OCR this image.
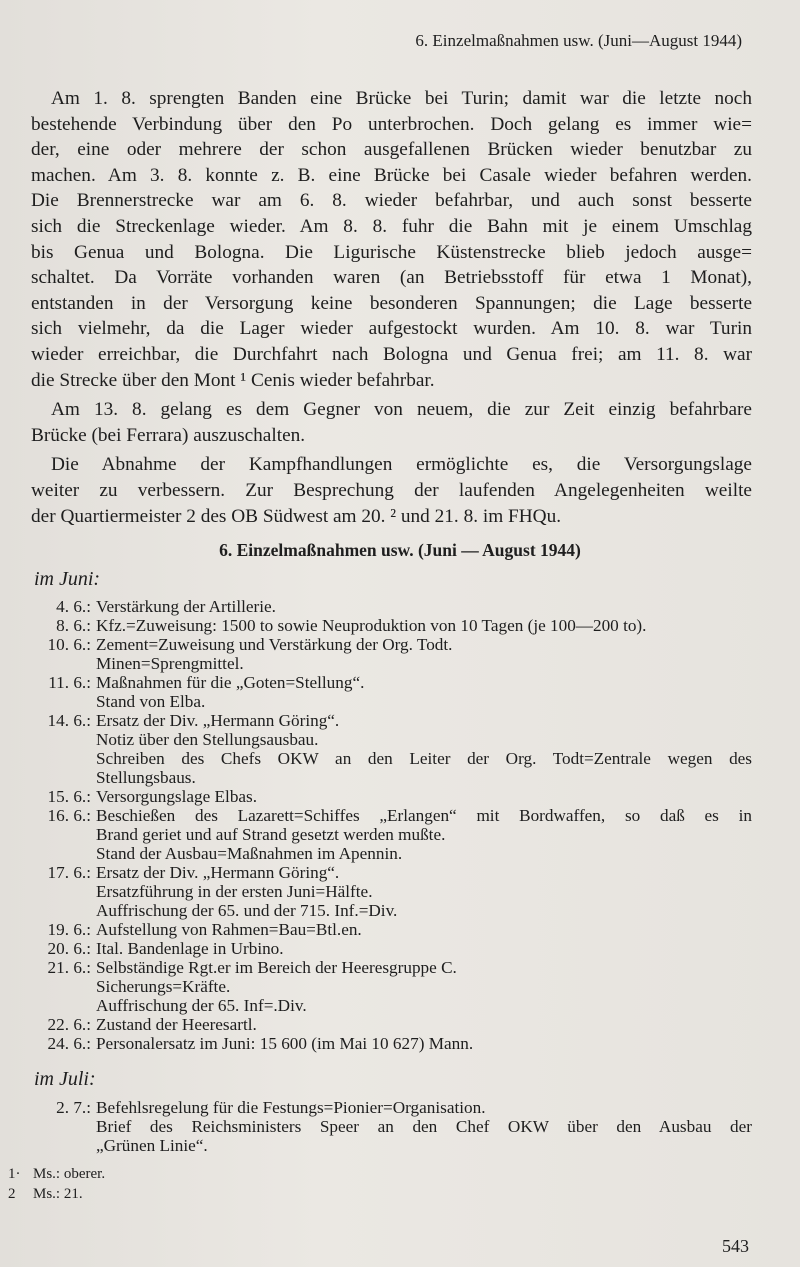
6. Einzelmaßnahmen usw. (Juni—August 1944)
Am 1. 8. sprengten Banden eine Brücke bei Turin; damit war die letzte noch
bestehende Verbindung über den Po unterbrochen. Doch gelang es immer wie=
der, eine oder mehrere der schon ausgefallenen Brücken wieder benutzbar zu
machen. Am 3. 8. konnte z. B. eine Brücke bei Casale wieder befahren werden.
Die Brennerstrecke war am 6. 8. wieder befahrbar, und auch sonst besserte
sich die Streckenlage wieder. Am 8. 8. fuhr die Bahn mit je einem Umschlag
bis Genua und Bologna. Die Ligurische Küstenstrecke blieb jedoch ausge=
schaltet. Da Vorräte vorhanden waren (an Betriebsstoff für etwa 1 Monat),
entstanden in der Versorgung keine besonderen Spannungen; die Lage besserte
sich vielmehr, da die Lager wieder aufgestockt wurden. Am 10. 8. war Turin
wieder erreichbar, die Durchfahrt nach Bologna und Genua frei; am 11. 8. war
die Strecke über den Mont ¹ Cenis wieder befahrbar.
Am 13. 8. gelang es dem Gegner von neuem, die zur Zeit einzig befahrbare
Brücke (bei Ferrara) auszuschalten.
Die Abnahme der Kampfhandlungen ermöglichte es, die Versorgungslage
weiter zu verbessern. Zur Besprechung der laufenden Angelegenheiten weilte
der Quartiermeister 2 des OB Südwest am 20. ² und 21. 8. im FHQu.
6. Einzelmaßnahmen usw. (Juni — August 1944)
im Juni:
4. 6.: Verstärkung der Artillerie.
8. 6.: Kfz.=Zuweisung: 1500 to sowie Neuproduktion von 10 Tagen (je 100—200 to).
10. 6.: Zement=Zuweisung und Verstärkung der Org. Todt.
Minen=Sprengmittel.
11. 6.: Maßnahmen für die „Goten=Stellung“.
Stand von Elba.
14. 6.: Ersatz der Div. „Hermann Göring“.
Notiz über den Stellungsausbau.
Schreiben des Chefs OKW an den Leiter der Org. Todt=Zentrale wegen des
Stellungsbaus.
15. 6.: Versorgungslage Elbas.
16. 6.: Beschießen des Lazarett=Schiffes „Erlangen“ mit Bordwaffen, so daß es in
Brand geriet und auf Strand gesetzt werden mußte.
Stand der Ausbau=Maßnahmen im Apennin.
17. 6.: Ersatz der Div. „Hermann Göring“.
Ersatzführung in der ersten Juni=Hälfte.
Auffrischung der 65. und der 715. Inf.=Div.
19. 6.: Aufstellung von Rahmen=Bau=Btl.en.
20. 6.: Ital. Bandenlage in Urbino.
21. 6.: Selbständige Rgt.er im Bereich der Heeresgruppe C.
Sicherungs=Kräfte.
Auffrischung der 65. Inf=.Div.
22. 6.: Zustand der Heeresartl.
24. 6.: Personalersatz im Juni: 15 600 (im Mai 10 627) Mann.
im Juli:
2. 7.: Befehlsregelung für die Festungs=Pionier=Organisation.
Brief des Reichsministers Speer an den Chef OKW über den Ausbau der
„Grünen Linie“.
1· Ms.: oberer.
2 Ms.: 21.
543
